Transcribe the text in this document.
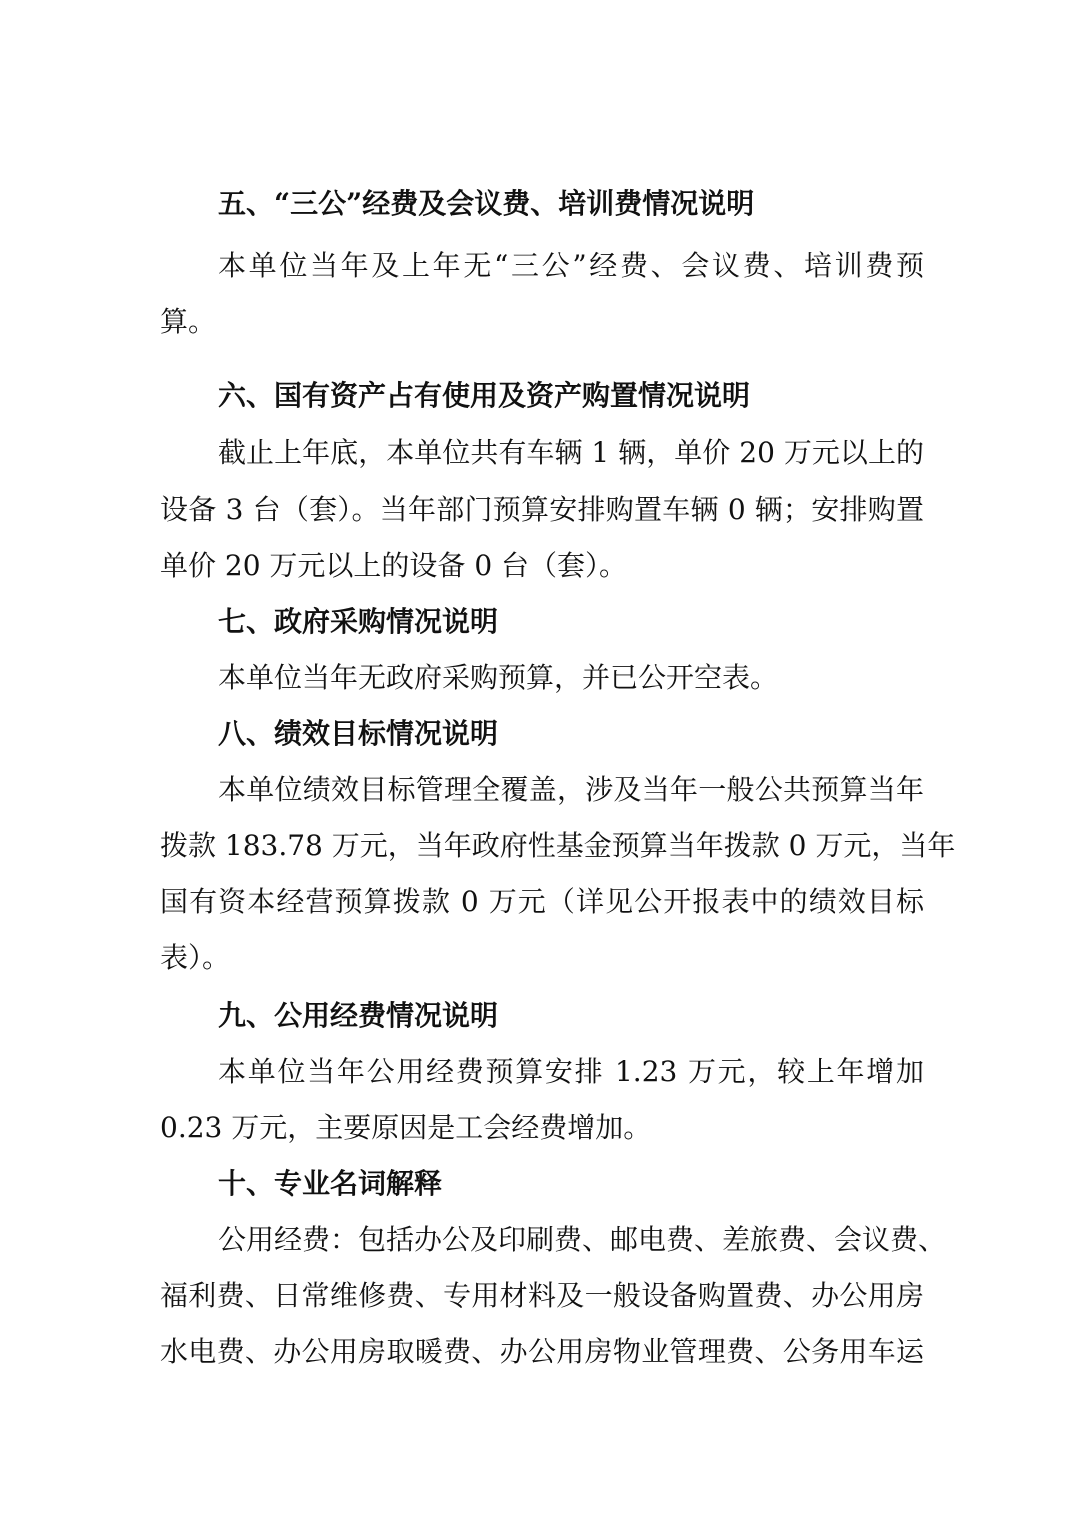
五、“三公”经费及会议费、培训费情况说明
本单位当年及上年无“三公”经费、会议费、培训费预
算。
六、国有资产占有使用及资产购置情况说明
截止上年底，本单位共有车辆 1 辆，单价 20 万元以上的
设备 3 台（套）。当年部门预算安排购置车辆 0 辆；安排购置
单价 20 万元以上的设备 0 台（套）。
七、政府采购情况说明
本单位当年无政府采购预算，并已公开空表。
八、绩效目标情况说明
本单位绩效目标管理全覆盖，涉及当年一般公共预算当年
拨款 183.78 万元，当年政府性基金预算当年拨款 0 万元，当年
国有资本经营预算拨款 0 万元（详见公开报表中的绩效目标
表）。
九、公用经费情况说明
本单位当年公用经费预算安排 1.23 万元，较上年增加
0.23 万元，主要原因是工会经费增加。
十、专业名词解释
公用经费：包括办公及印刷费、邮电费、差旅费、会议费、
福利费、日常维修费、专用材料及一般设备购置费、办公用房
水电费、办公用房取暖费、办公用房物业管理费、公务用车运
